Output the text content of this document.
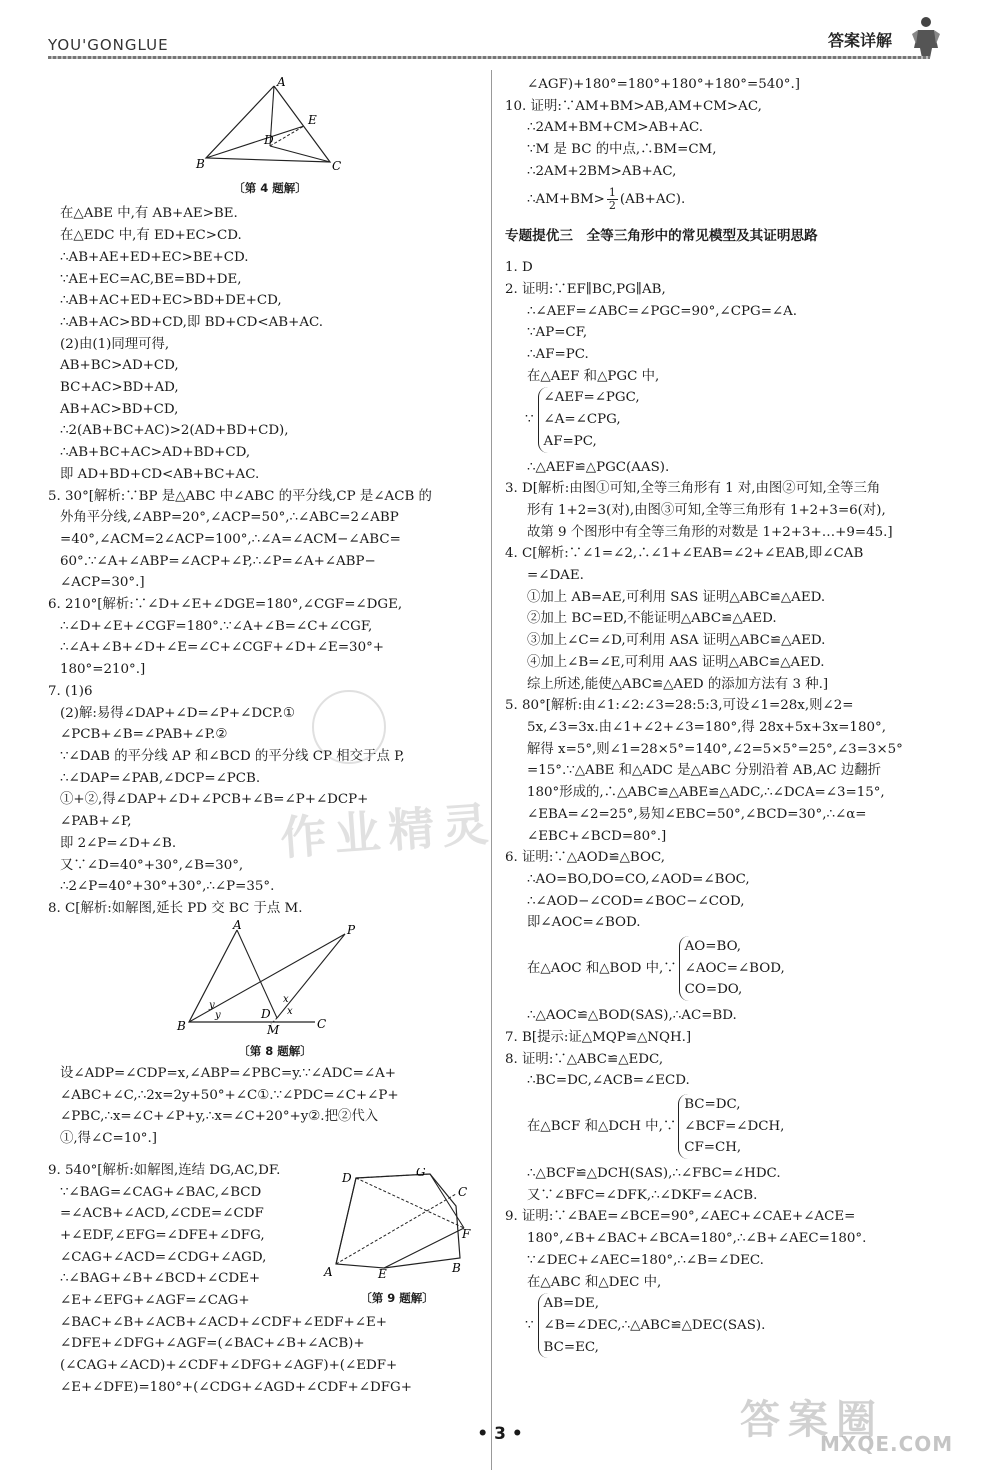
YOU'GONGLUE	答案详解
A
E
D
B	C
〔 第 4 题解 〕
在△ABE 中,有 AB+AE>BE.
在△EDC 中,有 ED+EC>CD.
∴AB+AE+ED+EC>BE+CD.
∵AE+EC=AC,BE=BD+DE,
∴AB+AC+ED+EC>BD+DE+CD,
∴AB+AC>BD+CD,即 BD+CD<AB+AC.
(2)由(1)同理可得,
AB+BC>AD+CD,
BC+AC>BD+AD,
AB+AC>BD+CD,
∴2(AB+BC+AC)>2(AD+BD+CD),
∴AB+BC+AC>AD+BD+CD,
即 AD+BD+CD<AB+BC+AC.
5. 30°[解析:∵BP 是△ABC 中∠ABC 的平分线,CP 是∠ACB 的
外角平分线,∠ABP=20°,∠ACP=50°,∴∠ABC=2∠ABP
=40°,∠ACM=2∠ACP=100°,∴∠A=∠ACM−∠ABC=
60°.∵∠A+∠ABP=∠ACP+∠P,∴∠P=∠A+∠ABP−
∠ACP=30°.]
6. 210°[解析:∵∠D+∠E+∠DGE=180°,∠CGF=∠DGE,
∴∠D+∠E+∠CGF=180°.∵∠A+∠B=∠C+∠CGF,
∴∠A+∠B+∠D+∠E=∠C+∠CGF+∠D+∠E=30°+
180°=210°.]
7. (1)6
(2)解:易得∠DAP+∠D=∠P+∠DCP.①
∠PCB+∠B=∠PAB+∠P.②
∵∠DAB 的平分线 AP 和∠BCD 的平分线 CP 相交于点 P,
∴∠DAP=∠PAB,∠DCP=∠PCB.
①+②,得∠DAP+∠D+∠PCB+∠B=∠P+∠DCP+
∠PAB+∠P,
即 2∠P=∠D+∠B.
又∵∠D=40°+30°,∠B=30°,
∴2∠P=40°+30°+30°,∴∠P=35°.
8. C[解析:如解图,延长 PD 交 BC 于点 M.
A	P
x
y
y	D x
B	M	C
〔 第 8 题解 〕
设∠ADP=∠CDP=x,∠ABP=∠PBC=y.∵∠ADC=∠A+
∠ABC+∠C,∴2x=2y+50°+∠C①.∵∠PDC=∠C+∠P+
∠PBC,∴x=∠C+∠P+y,∴x=∠C+20°+y②.把②代入
①,得∠C=10°.]
9. 540°[解析:如解图,连结 DG,AC,DF.
∵∠BAG=∠CAG+∠BAC,∠BCD
=∠ACB+∠ACD,∠CDE=∠CDF
+∠EDF,∠EFG=∠DFE+∠DFG,
∠CAG+∠ACD=∠CDG+∠AGD,
∴∠BAG+∠B+∠BCD+∠CDE+
∠E+∠EFG+∠AGF=∠CAG+
G
D
C
F
A	E	B
〔 第 9 题解 〕
∠BAC+∠B+∠ACB+∠ACD+∠CDF+∠EDF+∠E+
∠DFE+∠DFG+∠AGF=(∠BAC+∠B+∠ACB)+
(∠CAG+∠ACD)+∠CDF+∠DFG+∠AGF)+(∠EDF+
∠E+∠DFE)=180°+(∠CDG+∠AGD+∠CDF+∠DFG+
∠AGF)+180°=180°+180°+180°=540°.]
10. 证明:∵AM+BM>AB,AM+CM>AC,
∴2AM+BM+CM>AB+AC.
∵M 是 BC 的中点,∴BM=CM,
∴2AM+2BM>AB+AC,
∴AM+BM> $\frac{1}{2} (AB+AC)$.
专题提优三　全等三角形中的常见模型及其证明思路
1. D
2. 证明:∵EF∥BC,PG∥AB,
∴∠AEF=∠ABC=∠PGC=90°,∠CPG=∠A.
∵AP=CF,
∴AF=PC.
在△AEF 和△PGC 中,
∵
∠AEF=∠PGC,
∠A=∠CPG,
AF=PC,
∴△AEF≌△PGC(AAS).
3. D[解析:由图①可知,全等三角形有 1 对,由图②可知,全等三角
形有 1+2=3(对),由图③可知,全等三角形有 1+2+3=6(对),
故第 9 个图形中有全等三角形的对数是 1+2+3+…+9=45.]
4. C[解析:∵∠1=∠2,∴∠1+∠EAB=∠2+∠EAB,即∠CAB
=∠DAE.
①加上 AB=AE,可利用 SAS 证明△ABC≌△AED.
②加上 BC=ED,不能证明△ABC≌△AED.
③加上∠C=∠D,可利用 ASA 证明△ABC≌△AED.
④加上∠B=∠E,可利用 AAS 证明△ABC≌△AED.
综上所述,能使△ABC≌△AED 的添加方法有 3 种.]
5. 80°[解析:由∠1:∠2:∠3=28:5:3,可设∠1=28x,则∠2=
5x,∠3=3x.由∠1+∠2+∠3=180°,得 28x+5x+3x=180°,
解得 x=5°,则∠1=28×5°=140°,∠2=5×5°=25°,∠3=3×5°
=15°.∵△ABE 和△ADC 是△ABC 分别沿着 AB,AC 边翻折
180°形成的,∴△ABC≌△ABE≌△ADC,∴∠DCA=∠3=15°,
∠EBA=∠2=25°,易知∠EBC=50°,∠BCD=30°,∴∠α=
∠EBC+∠BCD=80°.]
6. 证明:∵△AOD≌△BOC,
∴AO=BO,DO=CO,∠AOD=∠BOC,
∴∠AOD−∠COD=∠BOC−∠COD,
即∠AOC=∠BOD.
在△AOC 和△BOD 中,∵
AO=BO,
∠AOC=∠BOD,
CO=DO,
∴△AOC≌△BOD(SAS),∴AC=BD.
7. B[提示:证△MQP≌△NQH.]
8. 证明:∵△ABC≌△EDC,
∴BC=DC,∠ACB=∠ECD.
在△BCF 和△DCH 中,∵
BC=DC,
∠BCF=∠DCH,
CF=CH,
∴△BCF≌△DCH(SAS),∴∠FBC=∠HDC.
又∵∠BFC=∠DFK,∴∠DKF=∠ACB.
9. 证明:∵∠BAE=∠BCE=90°,∠AEC+∠CAE+∠ACE=
180°,∠B+∠BAC+∠BCA=180°,∴∠B+∠AEC=180°.
∵∠DEC+∠AEC=180°,∴∠B=∠DEC.
在△ABC 和△DEC 中,
∵
AB=DE,
∠B=∠DEC,∴△ABC≌△DEC(SAS).
BC=EC,
作业精灵
答案圈
MXQE.COM
• 3 •
